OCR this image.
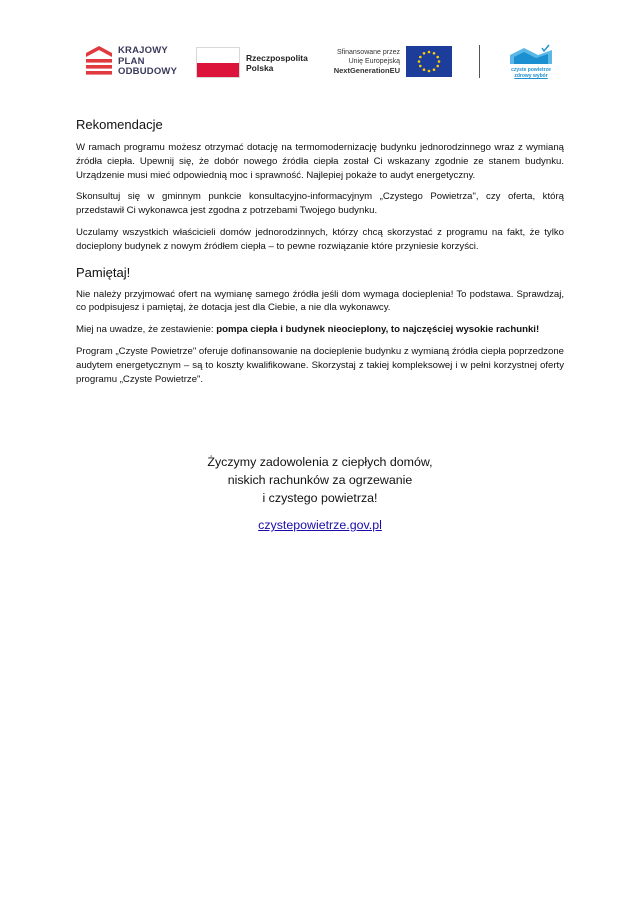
KRAJOWY
PLAN
ODBUDOWY
Rzeczpospolita
Polska
Sfinansowane przez
Unię Europejską
NextGenerationEU	czyste powietrze
zdrowy wybór
Rekomendacje

W ramach programu możesz otrzymać dotację na termomodernizację budynku jednorodzinnego wraz z wymianą źródła ciepła. Upewnij się, że dobór nowego źródła ciepła został Ci wskazany zgodnie ze stanem budynku. Urządzenie musi mieć odpowiednią moc i sprawność. Najlepiej pokaże to audyt energetyczny.

Skonsultuj się w gminnym punkcie konsultacyjno-informacyjnym „Czystego Powietrza", czy oferta, którą przedstawił Ci wykonawca jest zgodna z potrzebami Twojego budynku.

Uczulamy wszystkich właścicieli domów jednorodzinnych, którzy chcą skorzystać z programu na fakt, że tylko docieplony budynek z nowym źródłem ciepła – to pewne rozwiązanie które przyniesie korzyści.

Pamiętaj!

Nie należy przyjmować ofert na wymianę samego źródła jeśli dom wymaga docieplenia! To podstawa. Sprawdzaj, co podpisujesz i pamiętaj, że dotacja jest dla Ciebie, a nie dla wykonawcy.

Miej na uwadze, że zestawienie: pompa ciepła i budynek nieocieplony, to najczęściej wysokie rachunki!

Program „Czyste Powietrze" oferuje dofinansowanie na docieplenie budynku z wymianą źródła ciepła poprzedzone audytem energetycznym – są to koszty kwalifikowane. Skorzystaj z takiej kompleksowej i w pełni korzystnej oferty programu „Czyste Powietrze".

Życzymy zadowolenia z ciepłych domów,
niskich rachunków za ogrzewanie
i czystego powietrza!
czystepowietrze.gov.pl
